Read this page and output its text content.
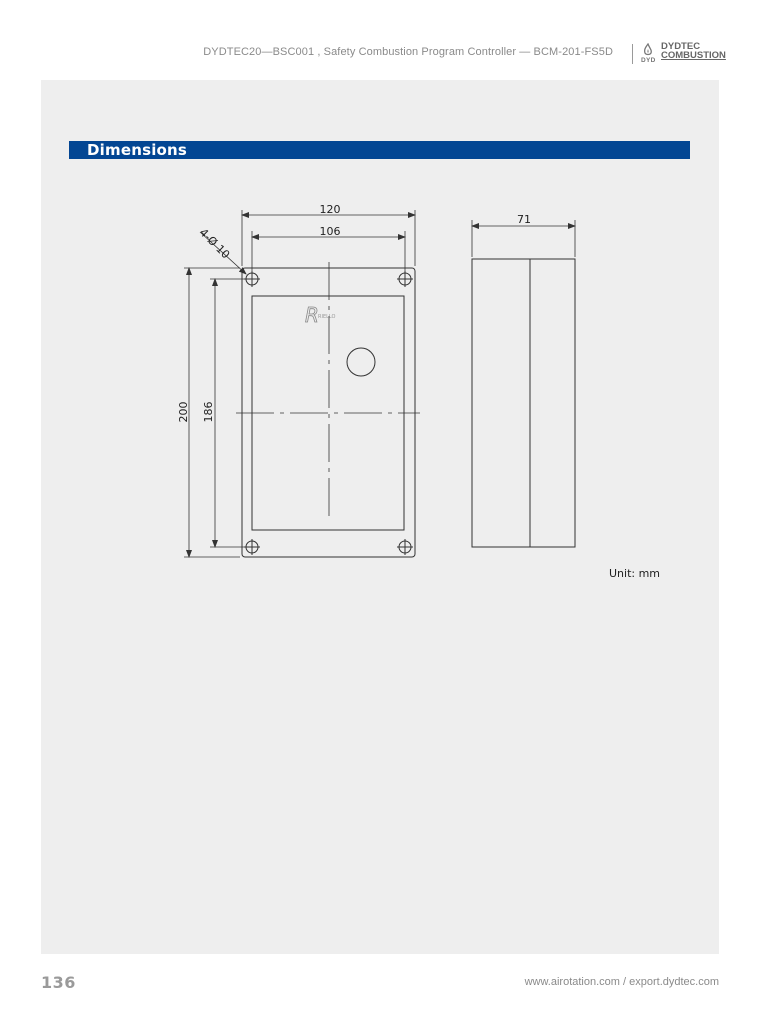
DYDTEC20—BSC001 , Safety Combustion Program Controller — BCM-201-FS5D
DYD
DYDTEC
COMBUSTION
Dimensions
R RIELLO
120
106
4-Ø 10
200 186
71
Unit: mm
136	www.airotation.com / export.dydtec.com
